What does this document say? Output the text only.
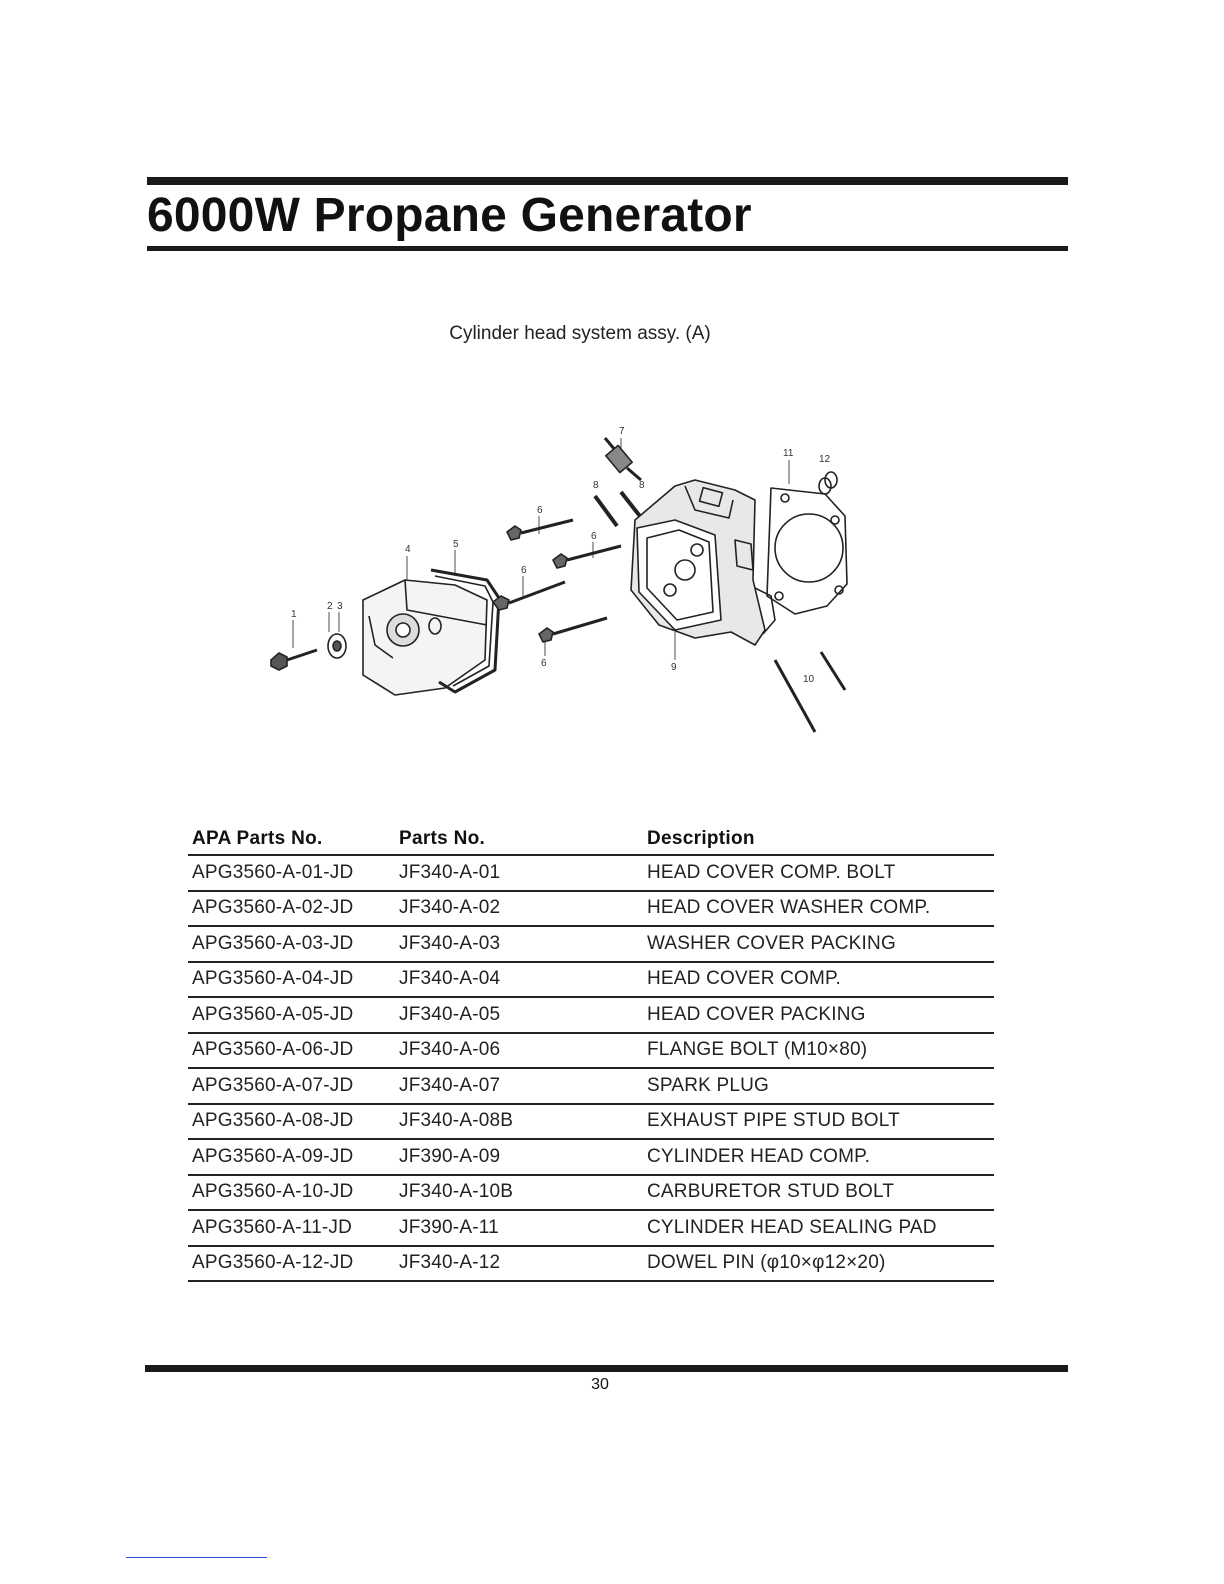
6000W Propane Generator
Cylinder head system assy. (A)
1
2 3
4	5
6
6
6
6
7
8	8
9
10
11
12
APA Parts No.	Parts No.	Description
APG3560-A-01-JD	JF340-A-01	HEAD COVER COMP. BOLT
APG3560-A-02-JD	JF340-A-02	HEAD COVER WASHER COMP.
APG3560-A-03-JD	JF340-A-03	WASHER COVER PACKING
APG3560-A-04-JD	JF340-A-04	HEAD COVER COMP.
APG3560-A-05-JD	JF340-A-05	HEAD COVER PACKING
APG3560-A-06-JD	JF340-A-06	FLANGE BOLT (M10×80)
APG3560-A-07-JD	JF340-A-07	SPARK PLUG
APG3560-A-08-JD	JF340-A-08B	EXHAUST PIPE STUD BOLT
APG3560-A-09-JD	JF390-A-09	CYLINDER HEAD COMP.
APG3560-A-10-JD	JF340-A-10B	CARBURETOR STUD BOLT
APG3560-A-11-JD	JF390-A-11	CYLINDER HEAD SEALING PAD
APG3560-A-12-JD	JF340-A-12	DOWEL PIN (φ10×φ12×20)
30
